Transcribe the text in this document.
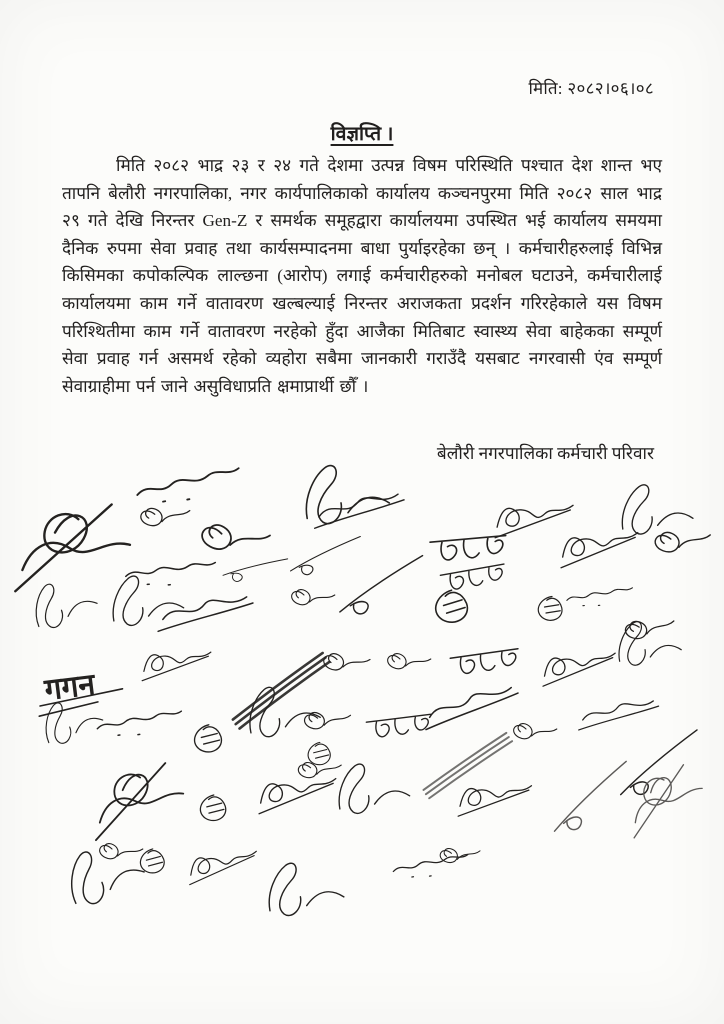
मिति: २०८२।०६।०८
विज्ञप्ति ।
मिति २०८२ भाद्र २३ र २४ गते देशमा उत्पन्न विषम परिस्थिति पश्चात देश शान्त भए तापनि बेलौरी नगरपालिका, नगर कार्यपालिकाको कार्यालय कञ्चनपुरमा मिति २०८२ साल भाद्र २९ गते देखि निरन्तर Gen-Z र समर्थक समूहद्वारा कार्यालयमा उपस्थित भई कार्यालय समयमा दैनिक रुपमा सेवा प्रवाह तथा कार्यसम्पादनमा बाधा पुर्याइरहेका छन् । कर्मचारीहरुलाई विभिन्न किसिमका कपोकल्पिक लाल्छना (आरोप) लगाई कर्मचारीहरुको मनोबल घटाउने, कर्मचारीलाई कार्यालयमा काम गर्ने वातावरण खल्बल्याई निरन्तर अराजकता प्रदर्शन गरिरहेकाले यस विषम परिश्थितीमा काम गर्ने वातावरण नरहेको हुँदा आजैका मितिबाट स्वास्थ्य सेवा बाहेकका सम्पूर्ण सेवा प्रवाह गर्न असमर्थ रहेको व्यहोरा सबैमा जानकारी गराउँदै यसबाट नगरवासी एंव सम्पूर्ण सेवाग्राहीमा पर्न जाने असुविधाप्रति क्षमाप्रार्थी छौँ ।
बेलौरी नगरपालिका कर्मचारी परिवार
गगन
